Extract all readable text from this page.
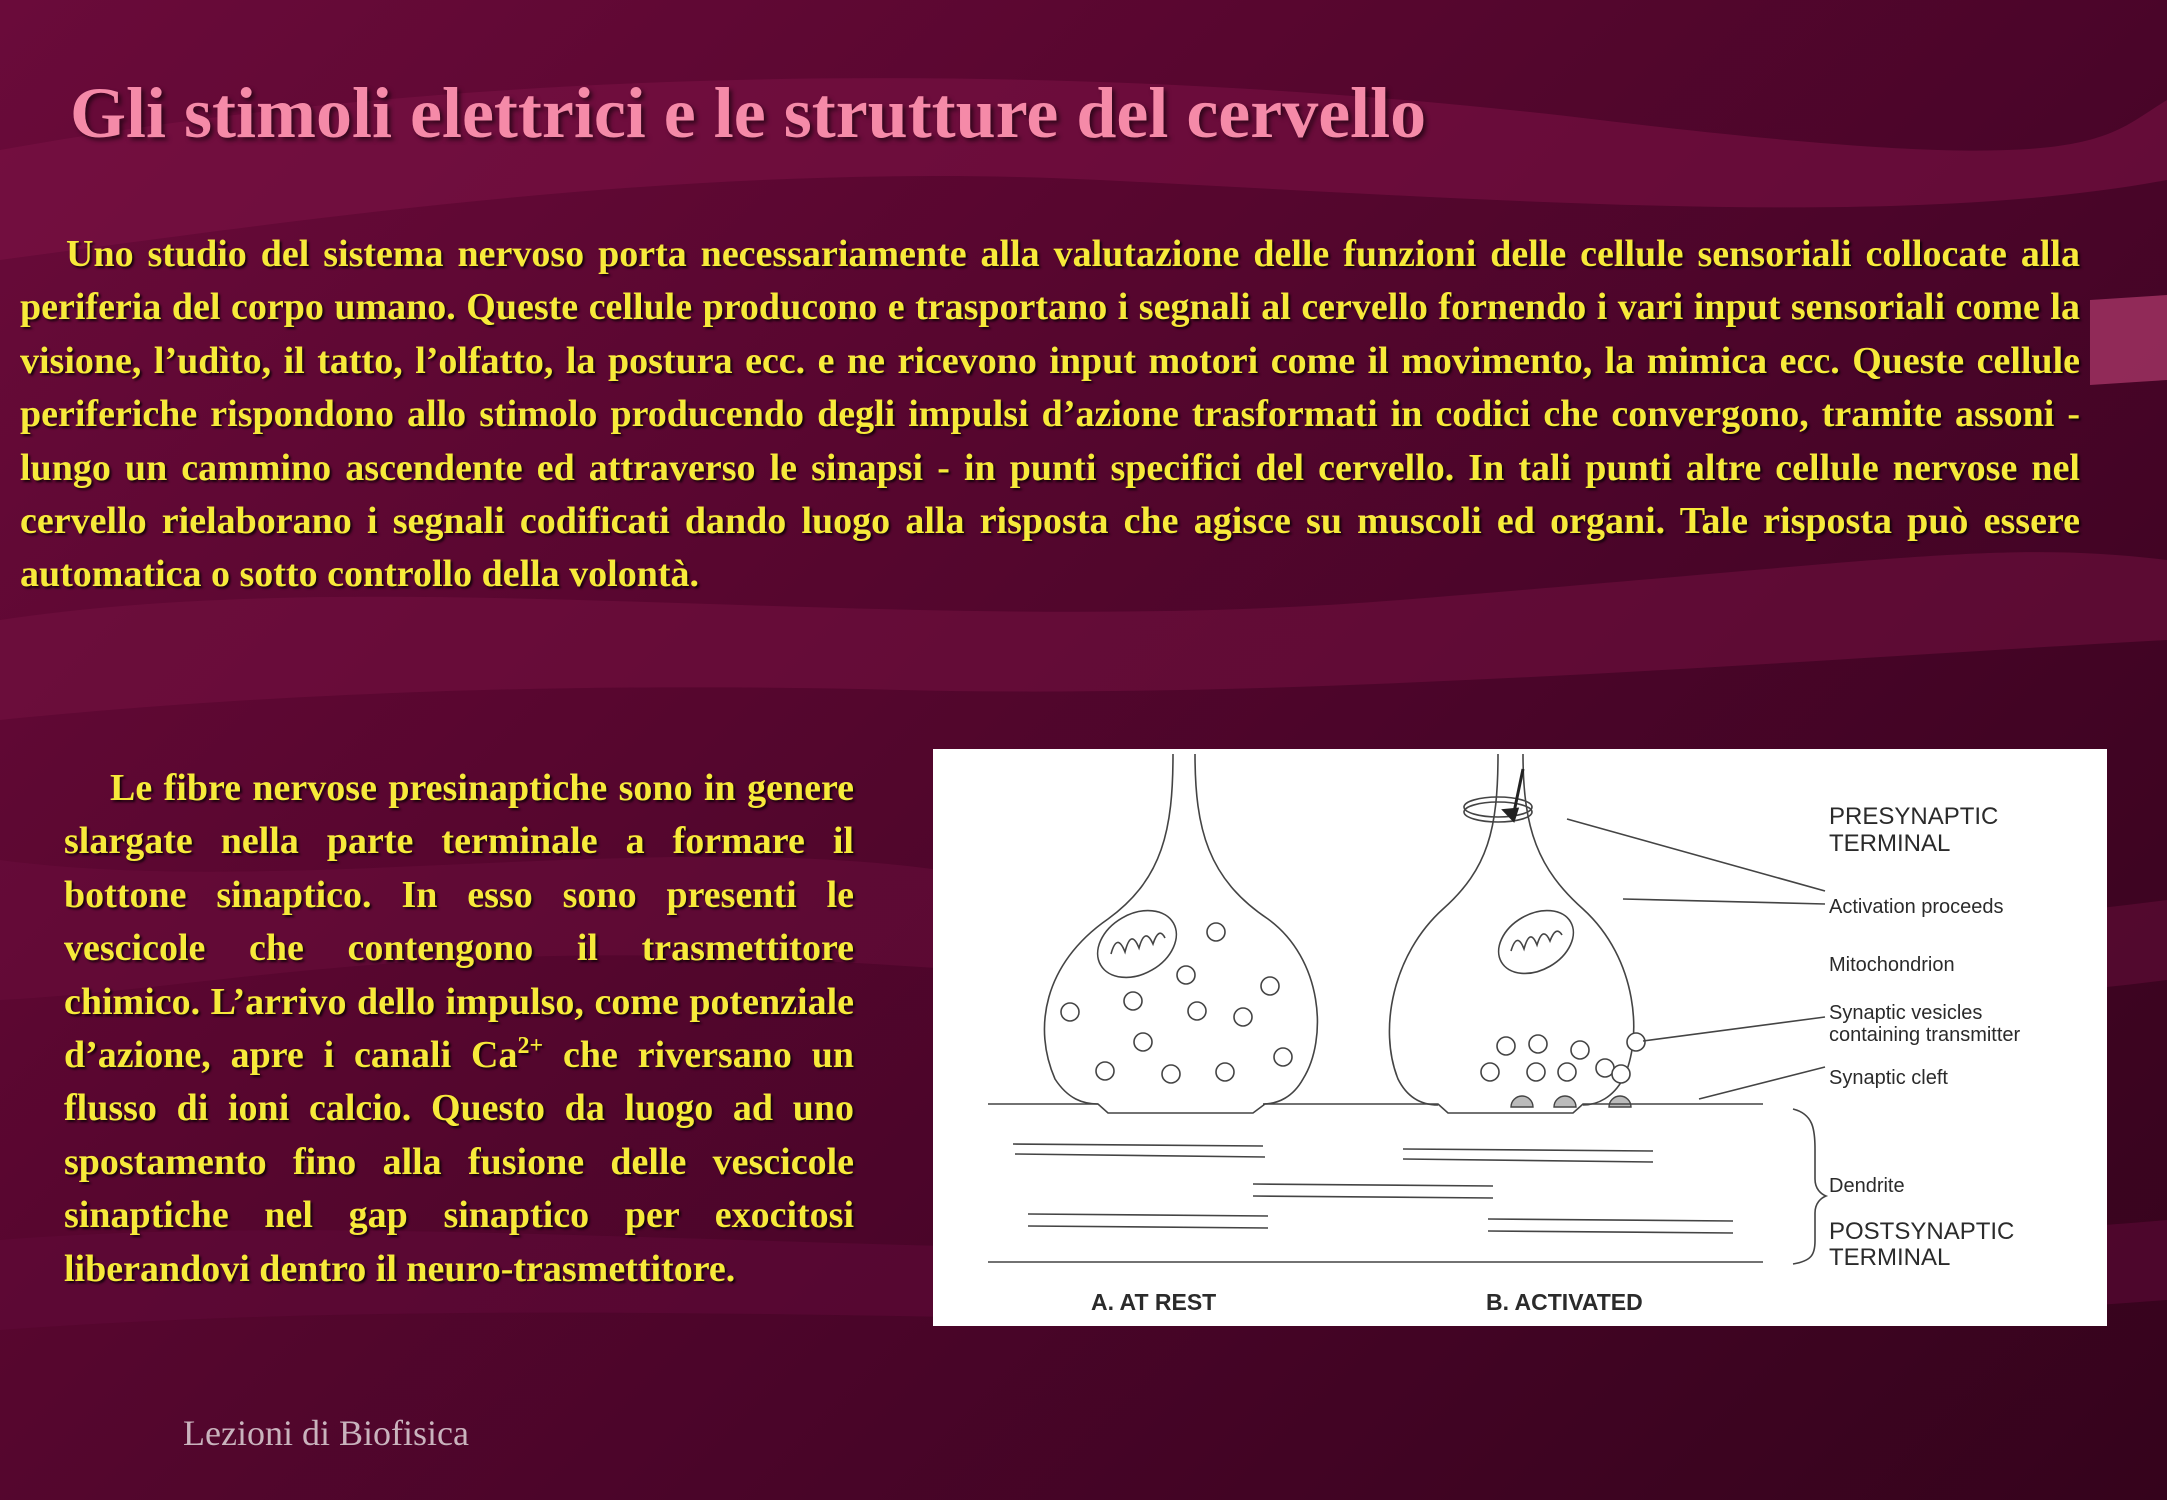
Gli stimoli elettrici e le strutture del cervello

Uno studio del sistema nervoso porta necessariamente alla valutazione delle funzioni delle cellule sensoriali collocate alla periferia del corpo umano. Queste cellule producono e trasportano i segnali al cervello fornendo i vari input sensoriali come la visione, l’udìto, il tatto, l’olfatto, la postura ecc. e ne ricevono input motori come il movimento, la mimica ecc. Queste cellule periferiche rispondono allo stimolo producendo degli impulsi d’azione trasformati in codici che convergono, tramite assoni - lungo un cammino ascendente ed attraverso le sinapsi - in punti specifici del cervello. In tali punti altre cellule nervose nel cervello rielaborano i segnali codificati dando luogo alla risposta che agisce su muscoli ed organi. Tale risposta può essere automatica o sotto controllo della volontà.

Le fibre nervose presinaptiche sono in genere slargate nella parte terminale a formare il bottone sinaptico. In esso sono presenti le vescicole che contengono il trasmettitore chimico. L’arrivo dello impulso, come potenziale d’azione, apre i canali $Ca^{2+}$ che riversano un flusso di ioni calcio. Questo da luogo ad uno spostamento fino alla fusione delle vescicole sinaptiche nel gap sinaptico per exocitosi liberandovi dentro il neuro-trasmettitore.

PRESYNAPTIC
TERMINAL
Activation proceeds
Mitochondrion
Synaptic vesicles
containing transmitter
Synaptic cleft
Dendrite
POSTSYNAPTIC
TERMINAL
A. AT REST	B. ACTIVATED

Lezioni di Biofisica
